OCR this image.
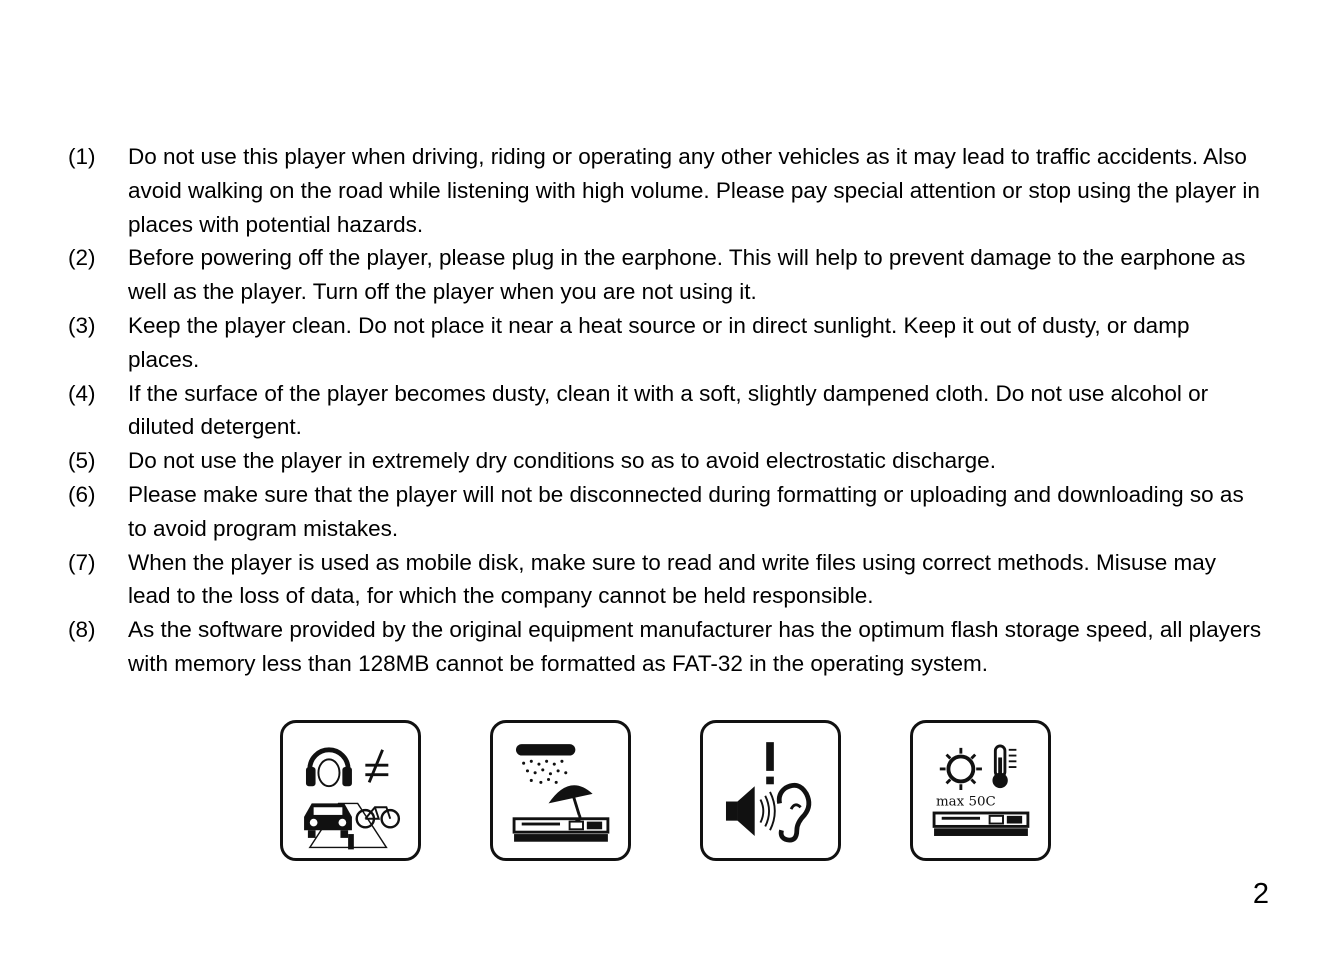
(1)	Do not use this player when driving, riding or operating any other vehicles as it may lead to traffic accidents. Also avoid walking on the road while listening with high volume. Please pay special attention or stop using the player in places with potential hazards.
(2)	Before powering off the player, please plug in the earphone. This will help to prevent damage to the earphone as well as the player. Turn off the player when you are not using it.
(3)	Keep the player clean. Do not place it near a heat source or in direct sunlight. Keep it out of dusty, or damp places.
(4)	If the surface of the player becomes dusty, clean it with a soft, slightly dampened cloth. Do not use alcohol or diluted detergent.
(5)	Do not use the player in extremely dry conditions so as to avoid electrostatic discharge.
(6)	Please make sure that the player will not be disconnected during formatting or uploading and downloading so as to avoid program mistakes.
(7)	When the player is used as mobile disk, make sure to read and write files using correct methods. Misuse may lead to the loss of data, for which the company cannot be held responsible.
(8)	As the software provided by the original equipment manufacturer has the optimum flash storage speed, all players with memory less than 128MB cannot be formatted as FAT-32 in the operating system.
max 50C
2
